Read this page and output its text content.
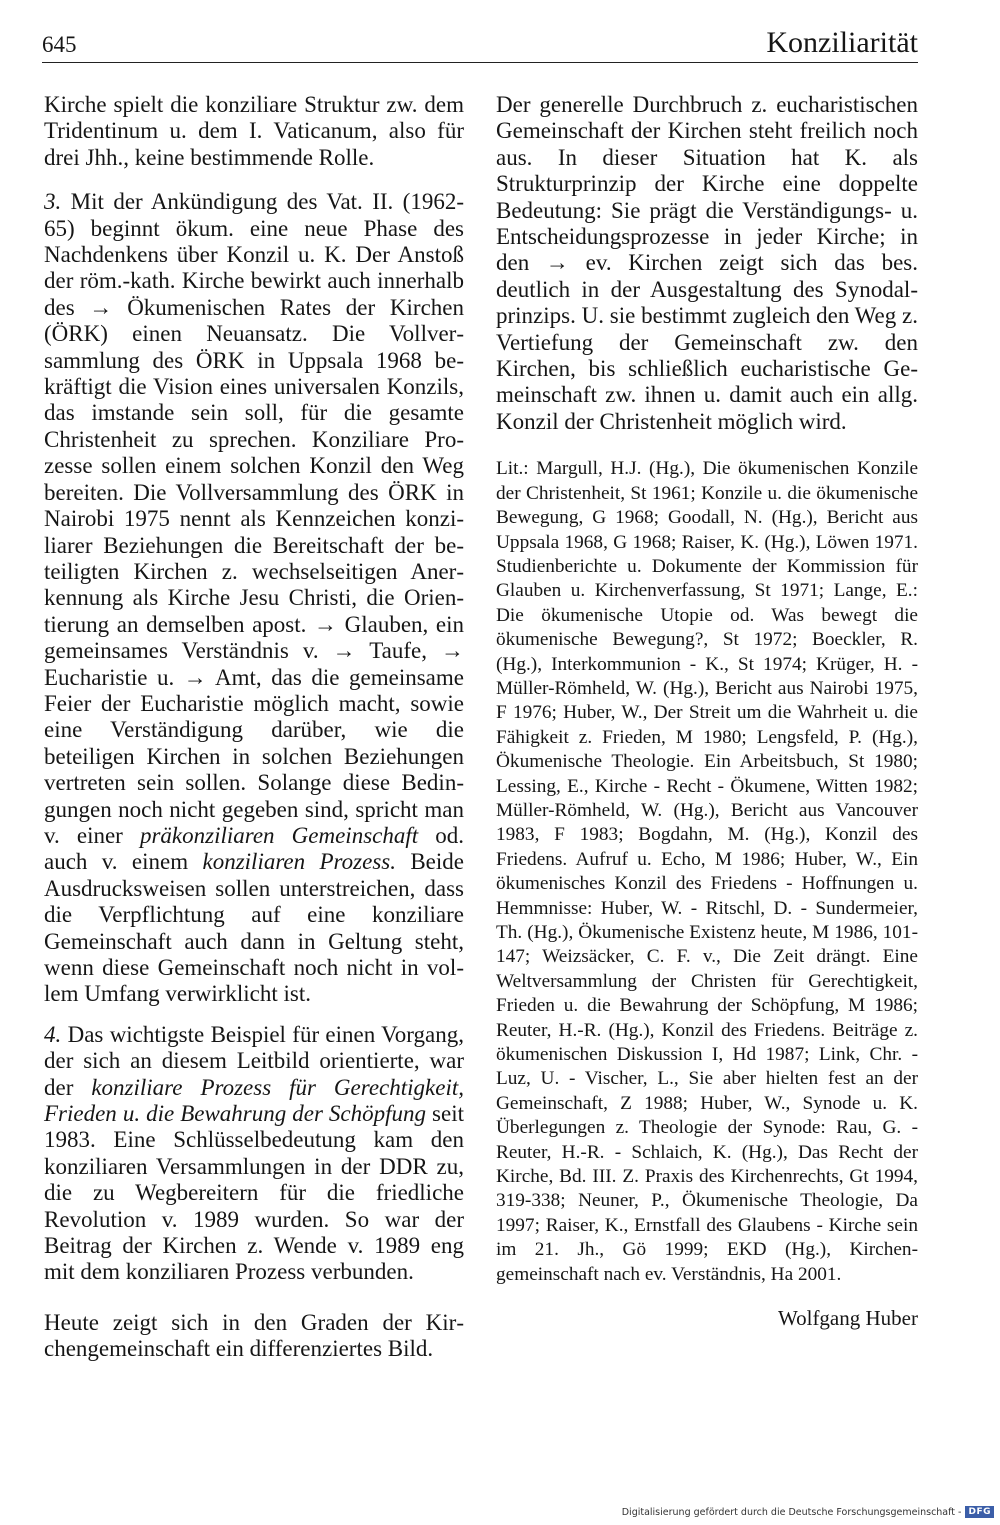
645	Konziliarität

Kirche spielt die konziliare Struktur zw. dem Tridentinum u. dem I. Vaticanum, also für drei Jhh., keine bestimmende Rolle.

3. Mit der Ankündigung des Vat. II. (1962-65) beginnt ökum. eine neue Phase des Nachdenkens über Konzil u. K. Der Anstoß der röm.-kath. Kirche bewirkt auch innerhalb des → Ökumenischen Rates der Kirchen (ÖRK) einen Neuansatz. Die Vollversammlung des ÖRK in Uppsala 1968 bekräftigt die Vision eines universalen Konzils, das imstande sein soll, für die gesamte Christenheit zu sprechen. Konziliare Prozesse sollen einem solchen Konzil den Weg bereiten. Die Vollversammlung des ÖRK in Nairobi 1975 nennt als Kennzeichen konziliarer Beziehungen die Bereitschaft der beteiligten Kirchen z. wechselseitigen Anerkennung als Kirche Jesu Christi, die Orientierung an demselben apost. → Glauben, ein gemeinsames Verständnis v. → Taufe, → Eucharistie u. → Amt, das die gemeinsame Feier der Eucharistie möglich macht, sowie eine Verständigung darüber, wie die beteiligen Kirchen in solchen Beziehungen vertreten sein sollen. Solange diese Bedingungen noch nicht gegeben sind, spricht man v. einer präkonziliaren Gemeinschaft od. auch v. einem konziliaren Prozess. Beide Ausdrucksweisen sollen unterstreichen, dass die Verpflichtung auf eine konziliare Gemeinschaft auch dann in Geltung steht, wenn diese Gemeinschaft noch nicht in vollem Umfang verwirklicht ist.

4. Das wichtigste Beispiel für einen Vorgang, der sich an diesem Leitbild orientierte, war der konziliare Prozess für Gerechtigkeit, Frieden u. die Bewahrung der Schöpfung seit 1983. Eine Schlüsselbedeutung kam den konziliaren Versammlungen in der DDR zu, die zu Wegbereitern für die friedliche Revolution v. 1989 wurden. So war der Beitrag der Kirchen z. Wende v. 1989 eng mit dem konziliaren Prozess verbunden.

Heute zeigt sich in den Graden der Kirchengemeinschaft ein differenziertes Bild.

Der generelle Durchbruch z. eucharistischen Gemeinschaft der Kirchen steht freilich noch aus. In dieser Situation hat K. als Strukturprinzip der Kirche eine doppelte Bedeutung: Sie prägt die Verständigungs- u. Entscheidungsprozesse in jeder Kirche; in den → ev. Kirchen zeigt sich das bes. deutlich in der Ausgestaltung des Synodalprinzips. U. sie bestimmt zugleich den Weg z. Vertiefung der Gemeinschaft zw. den Kirchen, bis schließlich eucharistische Gemeinschaft zw. ihnen u. damit auch ein allg. Konzil der Christenheit möglich wird.

Lit.: Margull, H.J. (Hg.), Die ökumenischen Konzile der Christenheit, St 1961; Konzile u. die ökumenische Bewegung, G 1968; Goodall, N. (Hg.), Bericht aus Uppsala 1968, G 1968; Raiser, K. (Hg.), Löwen 1971. Studienberichte u. Dokumente der Kommission für Glauben u. Kirchenverfassung, St 1971; Lange, E.: Die ökumenische Utopie od. Was bewegt die ökumenische Bewegung?, St 1972; Boeckler, R. (Hg.), Interkommunion - K., St 1974; Krüger, H. - Müller-Römheld, W. (Hg.), Bericht aus Nairobi 1975, F 1976; Huber, W., Der Streit um die Wahrheit u. die Fähigkeit z. Frieden, M 1980; Lengsfeld, P. (Hg.), Ökumenische Theologie. Ein Arbeitsbuch, St 1980; Lessing, E., Kirche - Recht - Ökumene, Witten 1982; Müller-Römheld, W. (Hg.), Bericht aus Vancouver 1983, F 1983; Bogdahn, M. (Hg.), Konzil des Friedens. Aufruf u. Echo, M 1986; Huber, W., Ein ökumenisches Konzil des Friedens - Hoffnungen u. Hemmnisse: Huber, W. - Ritschl, D. - Sundermeier, Th. (Hg.), Ökumenische Existenz heute, M 1986, 101-147; Weizsäcker, C. F. v., Die Zeit drängt. Eine Weltversammlung der Christen für Gerechtigkeit, Frieden u. die Bewahrung der Schöpfung, M 1986; Reuter, H.-R. (Hg.), Konzil des Friedens. Beiträge z. ökumenischen Diskussion I, Hd 1987; Link, Chr. - Luz, U. - Vischer, L., Sie aber hielten fest an der Gemeinschaft, Z 1988; Huber, W., Synode u. K. Überlegungen z. Theologie der Synode: Rau, G. - Reuter, H.-R. - Schlaich, K. (Hg.), Das Recht der Kirche, Bd. III. Z. Praxis des Kirchenrechts, Gt 1994, 319-338; Neuner, P., Ökumenische Theologie, Da 1997; Raiser, K., Ernstfall des Glaubens - Kirche sein im 21. Jh., Gö 1999; EKD (Hg.), Kirchengemeinschaft nach ev. Verständnis, Ha 2001.

Wolfgang Huber

Digitalisierung gefördert durch die Deutsche Forschungsgemeinschaft - DFG
